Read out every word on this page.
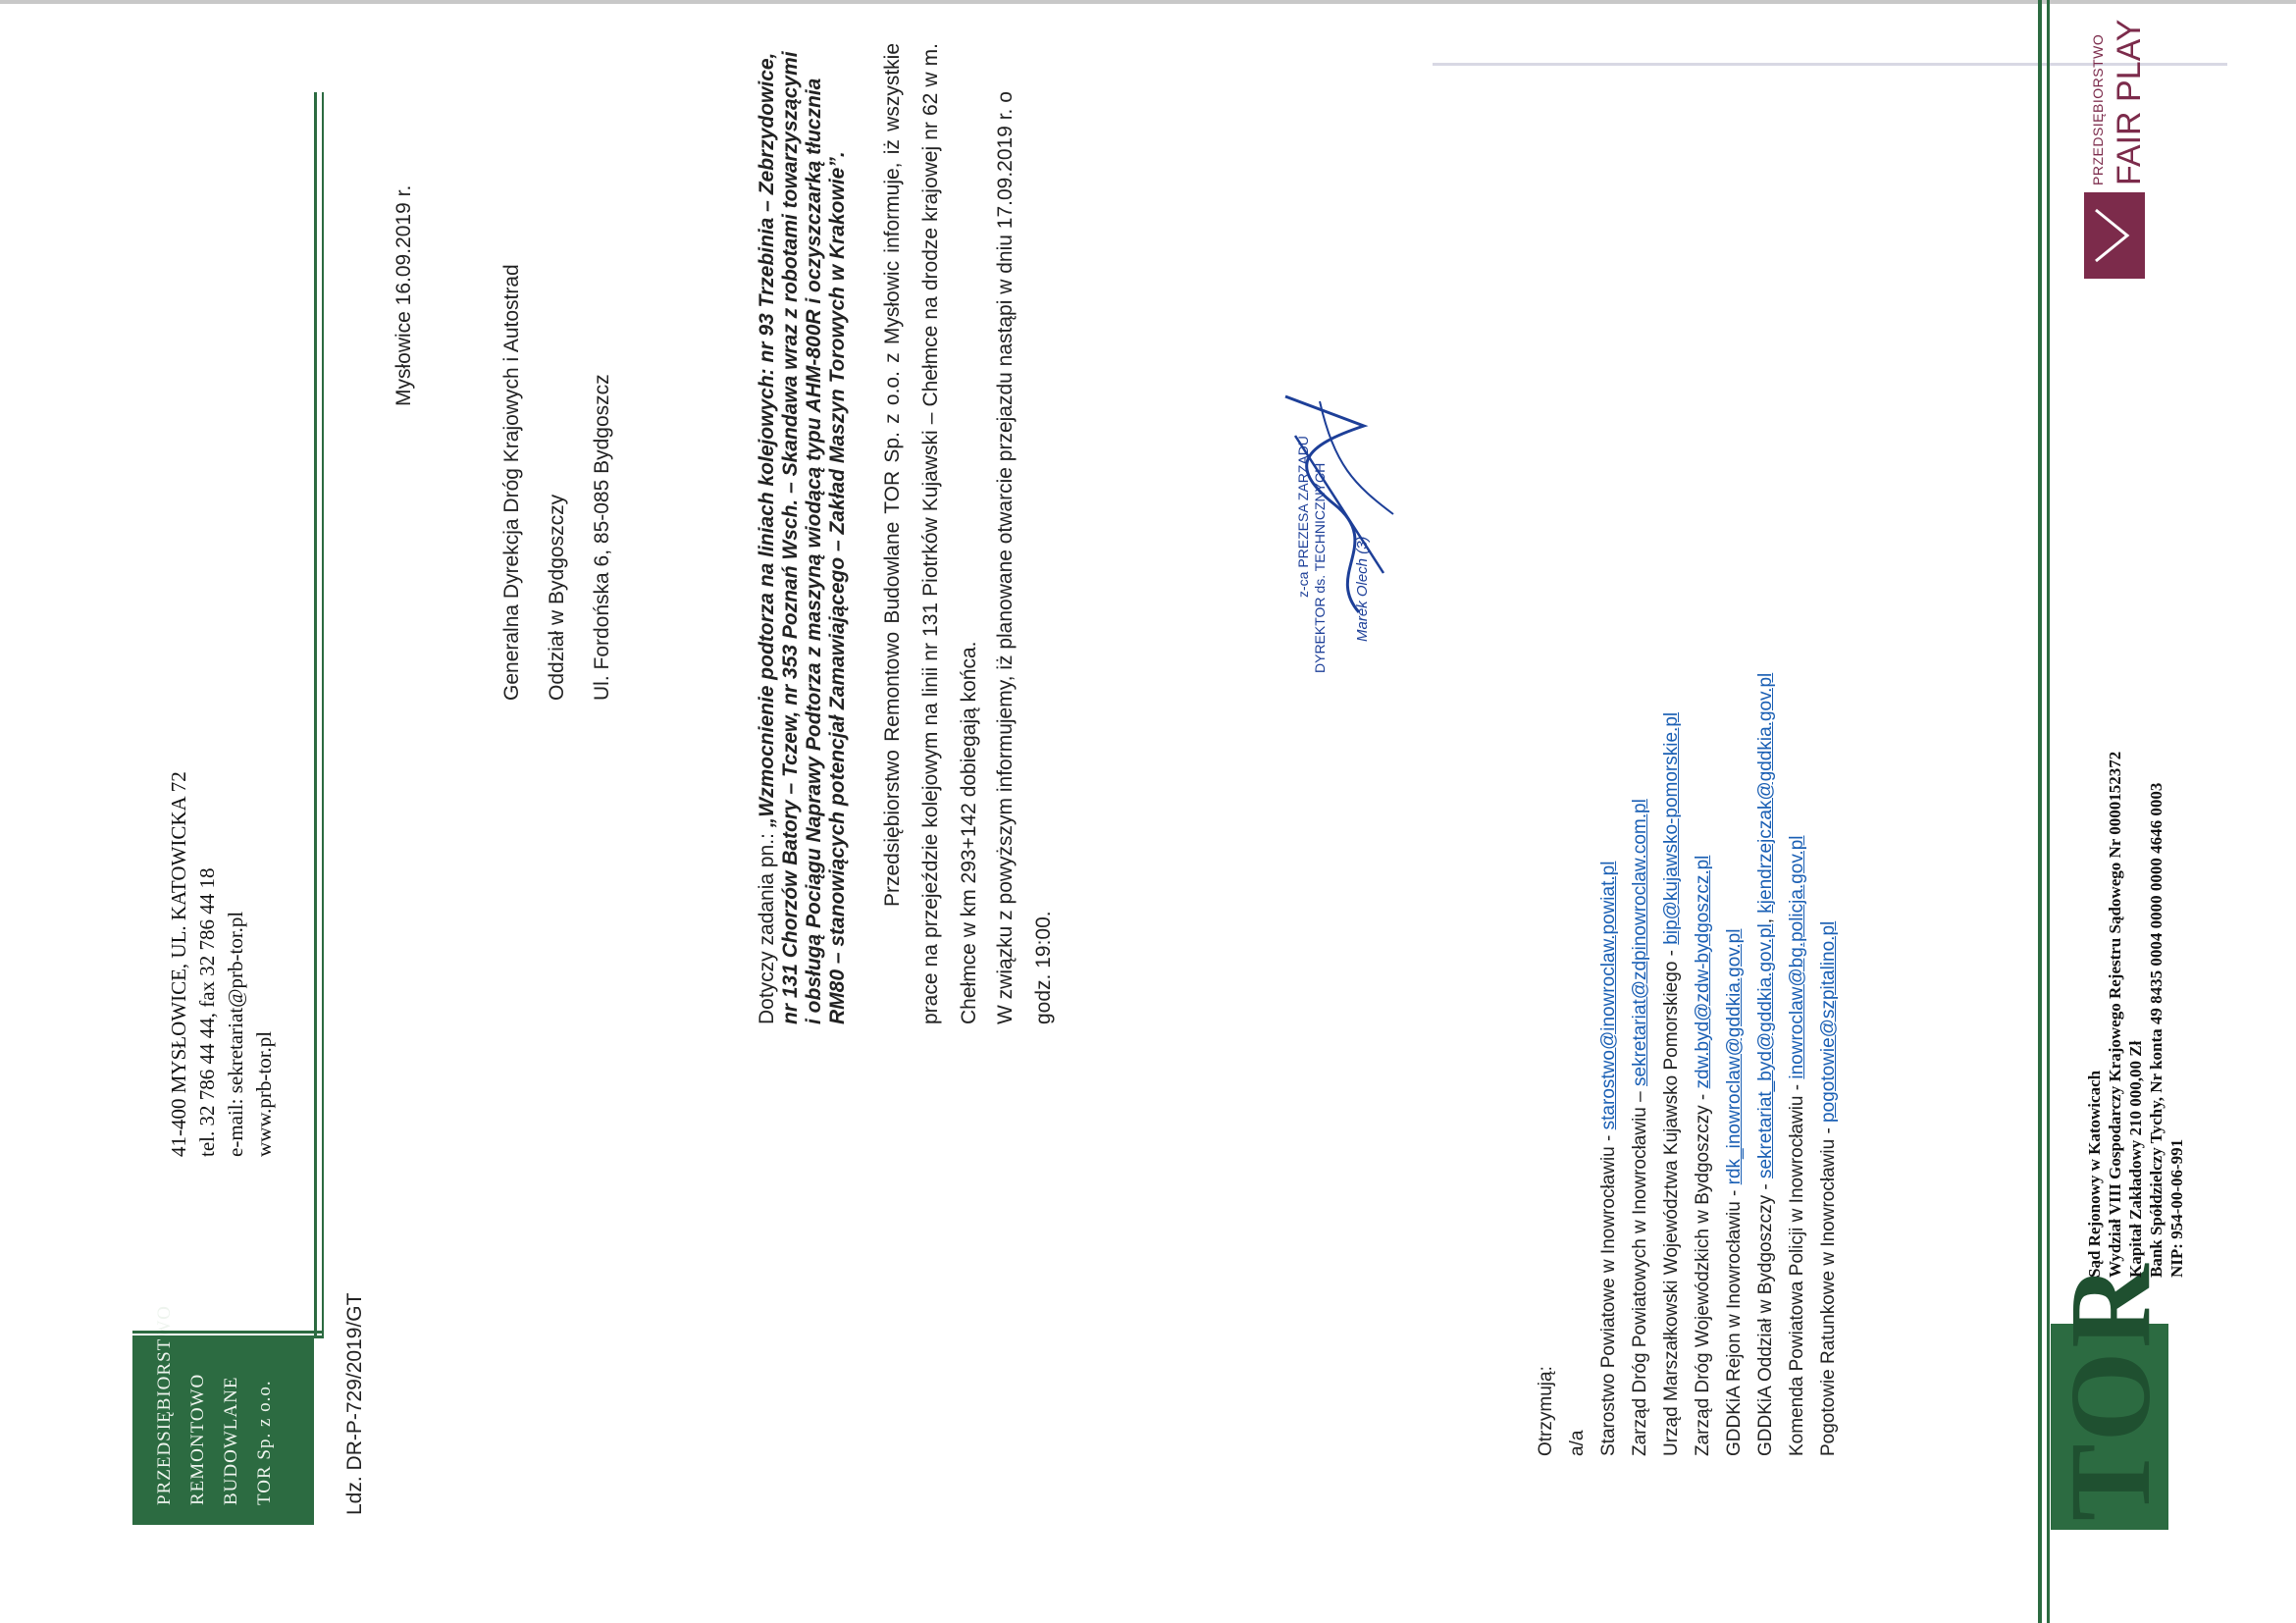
PRZEDSIĘBIORSTWO REMONTOWO BUDOWLANE TOR Sp. z o.o.
41-400 MYSŁOWICE, UL. KATOWICKA 72 tel. 32 786 44 44, fax 32 786 44 18 e-mail: sekretariat@prb-tor.pl www.prb-tor.pl
Ldz. DR-P-729/2019/GT
Mysłowice 16.09.2019 r.	Generalna Dyrekcja Dróg Krajowych i Autostrad Oddział w Bydgoszczy Ul. Fordońska 6, 85-085 Bydgoszcz
Dotyczy zadania pn.: „Wzmocnienie podtorza na liniach kolejowych: nr 93 Trzebinia – Zebrzydowice, nr 131 Chorzów Batory – Tczew, nr 353 Poznań Wsch. – Skandawa wraz z robotami towarzyszącymi i obsługą Pociągu Naprawy Podtorza z maszyną wiodącą typu AHM-800R i oczyszczarką tłucznia RM80 – stanowiących potencjał Zamawiającego – Zakład Maszyn Torowych w Krakowie”.	Przedsiębiorstwo Remontowo Budowlane TOR Sp. z o.o. z Mysłowic informuje, iż wszystkie prace na przejeździe kolejowym na linii nr 131 Piotrków Kujawski – Chełmce na drodze krajowej nr 62 w m. Chełmce w km 293+142 dobiegają końca. W związku z powyższym informujemy, iż planowane otwarcie przejazdu nastąpi w dniu 17.09.2019 r. o godz. 19:00.
z-ca PREZESA ZARZĄDU DYREKTOR ds. TECHNICZNYCH Marek Olech (3)
Otrzymują: a/a Starostwo Powiatowe w Inowrocławiu - starostwo@inowroclaw.powiat.pl
Zarząd Dróg Powiatowych w Inowrocławiu – sekretariat@zdpinowroclaw.com.pl
Urząd Marszałkowski Województwa Kujawsko Pomorskiego - bip@kujawsko-pomorskie.pl
Zarząd Dróg Wojewódzkich w Bydgoszczy - zdw.byd@zdw-bydgoszcz.pl
GDDKiA Rejon w Inowrocławiu - rdk_inowroclaw@gddkia.gov.pl
GDDKiA Oddział w Bydgoszczy - sekretariat_byd@gddkia.gov.pl, kjendrzejczak@gddkia.gov.pl
Komenda Powiatowa Policji w Inowrocławiu - inowroclaw@bg.policja.gov.pl
Pogotowie Ratunkowe w Inowrocławiu - pogotowie@szpitalino.pl
TOR
Sąd Rejonowy w Katowicach Wydział VIII Gospodarczy Krajowego Rejestru Sądowego Nr 0000152372 Kapitał Zakładowy 210 000,00 Zł Bank Spółdzielczy Tychy, Nr konta 49 8435 0004 0000 0000 4646 0003 NIP: 954-00-06-991
PRZEDSIĘBIORSTWO FAIR PLAY
